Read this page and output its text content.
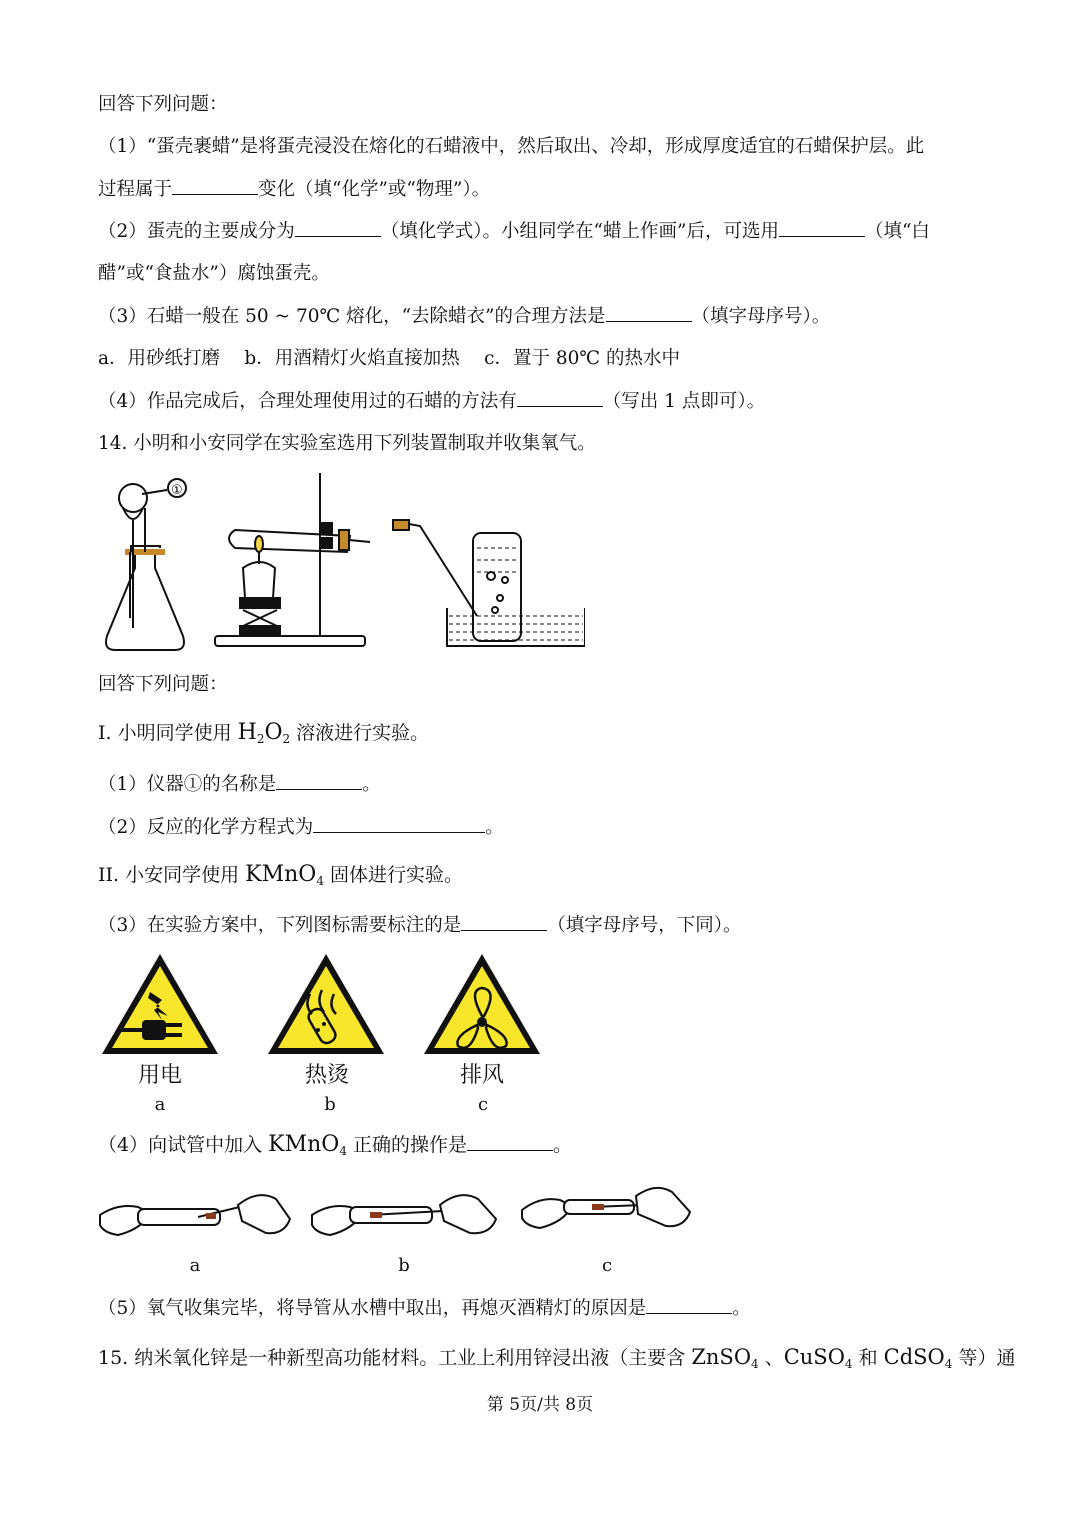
回答下列问题：
（1）“蛋壳裹蜡”是将蛋壳浸没在熔化的石蜡液中，然后取出、冷却，形成厚度适宜的石蜡保护层。此
过程属于	变化（填“化学”或“物理”）。
（2）蛋壳的主要成分为	（填化学式）。小组同学在“蜡上作画”后，可选用	（填“白
醋”或“食盐水”）腐蚀蛋壳。
（3）石蜡一般在 50 ~ 70℃ 熔化，“去除蜡衣”的合理方法是	（填字母序号）。
a．用砂纸打磨　 b．用酒精灯火焰直接加热　 c．置于 80℃ 的热水中
（4）作品完成后，合理处理使用过的石蜡的方法有	（写出 1 点即可）。
14. 小明和小安同学在实验室选用下列装置制取并收集氧气。
①
回答下列问题：
I. 小明同学使用 $H_2O_2$ 溶液进行实验。
（1）仪器①的名称是	。
（2）反应的化学方程式为	。
II. 小安同学使用 KMnO$_4$ 固体进行实验。
（3）在实验方案中，下列图标需要标注的是	（填字母序号，下同）。
用电	热烫	排风
a	b	c
（4）向试管中加入 KMnO$_4$ 正确的操作是	。
a	b	c
（5）氧气收集完毕，将导管从水槽中取出，再熄灭酒精灯的原因是	。
15. 纳米氧化锌是一种新型高功能材料。工业上利用锌浸出液（主要含 ZnSO$_4$ 、CuSO$_4$ 和 CdSO$_4$ 等）通
第 5页/共 8页
